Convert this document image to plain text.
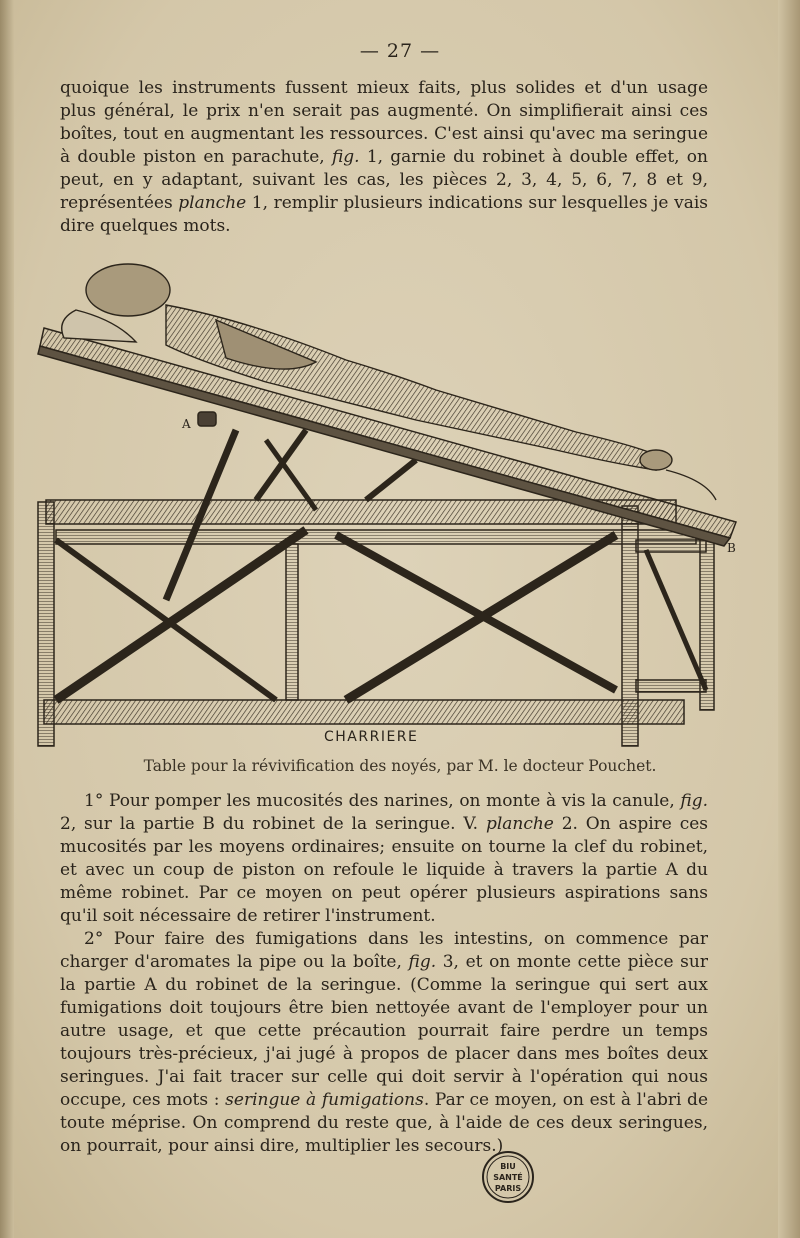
— 27 —

quoique les instruments fussent mieux faits, plus solides et d'un usage plus général, le prix n'en serait pas augmenté. On simplifierait ainsi ces boîtes, tout en augmentant les ressources. C'est ainsi qu'avec ma seringue à double piston en parachute, fig. 1, garnie du robinet à double effet, on peut, en y adaptant, suivant les cas, les pièces 2, 3, 4, 5, 6, 7, 8 et 9, représentées planche 1, remplir plusieurs indications sur lesquelles je vais dire quelques mots.

A
B
CHARRIERE
Table pour la révivification des noyés, par M. le docteur Pouchet.

1° Pour pomper les mucosités des narines, on monte à vis la canule, fig. 2, sur la partie B du robinet de la seringue. V. planche 2. On aspire ces mucosités par les moyens ordinaires; ensuite on tourne la clef du robinet, et avec un coup de piston on refoule le liquide à travers la partie A du même robinet. Par ce moyen on peut opérer plusieurs aspirations sans qu'il soit nécessaire de retirer l'instrument.

2° Pour faire des fumigations dans les intestins, on commence par charger d'aromates la pipe ou la boîte, fig. 3, et on monte cette pièce sur la partie A du robinet de la seringue. (Comme la seringue qui sert aux fumigations doit toujours être bien nettoyée avant de l'employer pour un autre usage, et que cette précaution pourrait faire perdre un temps toujours très-précieux, j'ai jugé à propos de placer dans mes boîtes deux seringues. J'ai fait tracer sur celle qui doit servir à l'opération qui nous occupe, ces mots : seringue à fumigations. Par ce moyen, on est à l'abri de toute méprise. On comprend du reste que, à l'aide de ces deux seringues, on pourrait, pour ainsi dire, multiplier les secours.)

BIU
SANTÉ
PARIS
